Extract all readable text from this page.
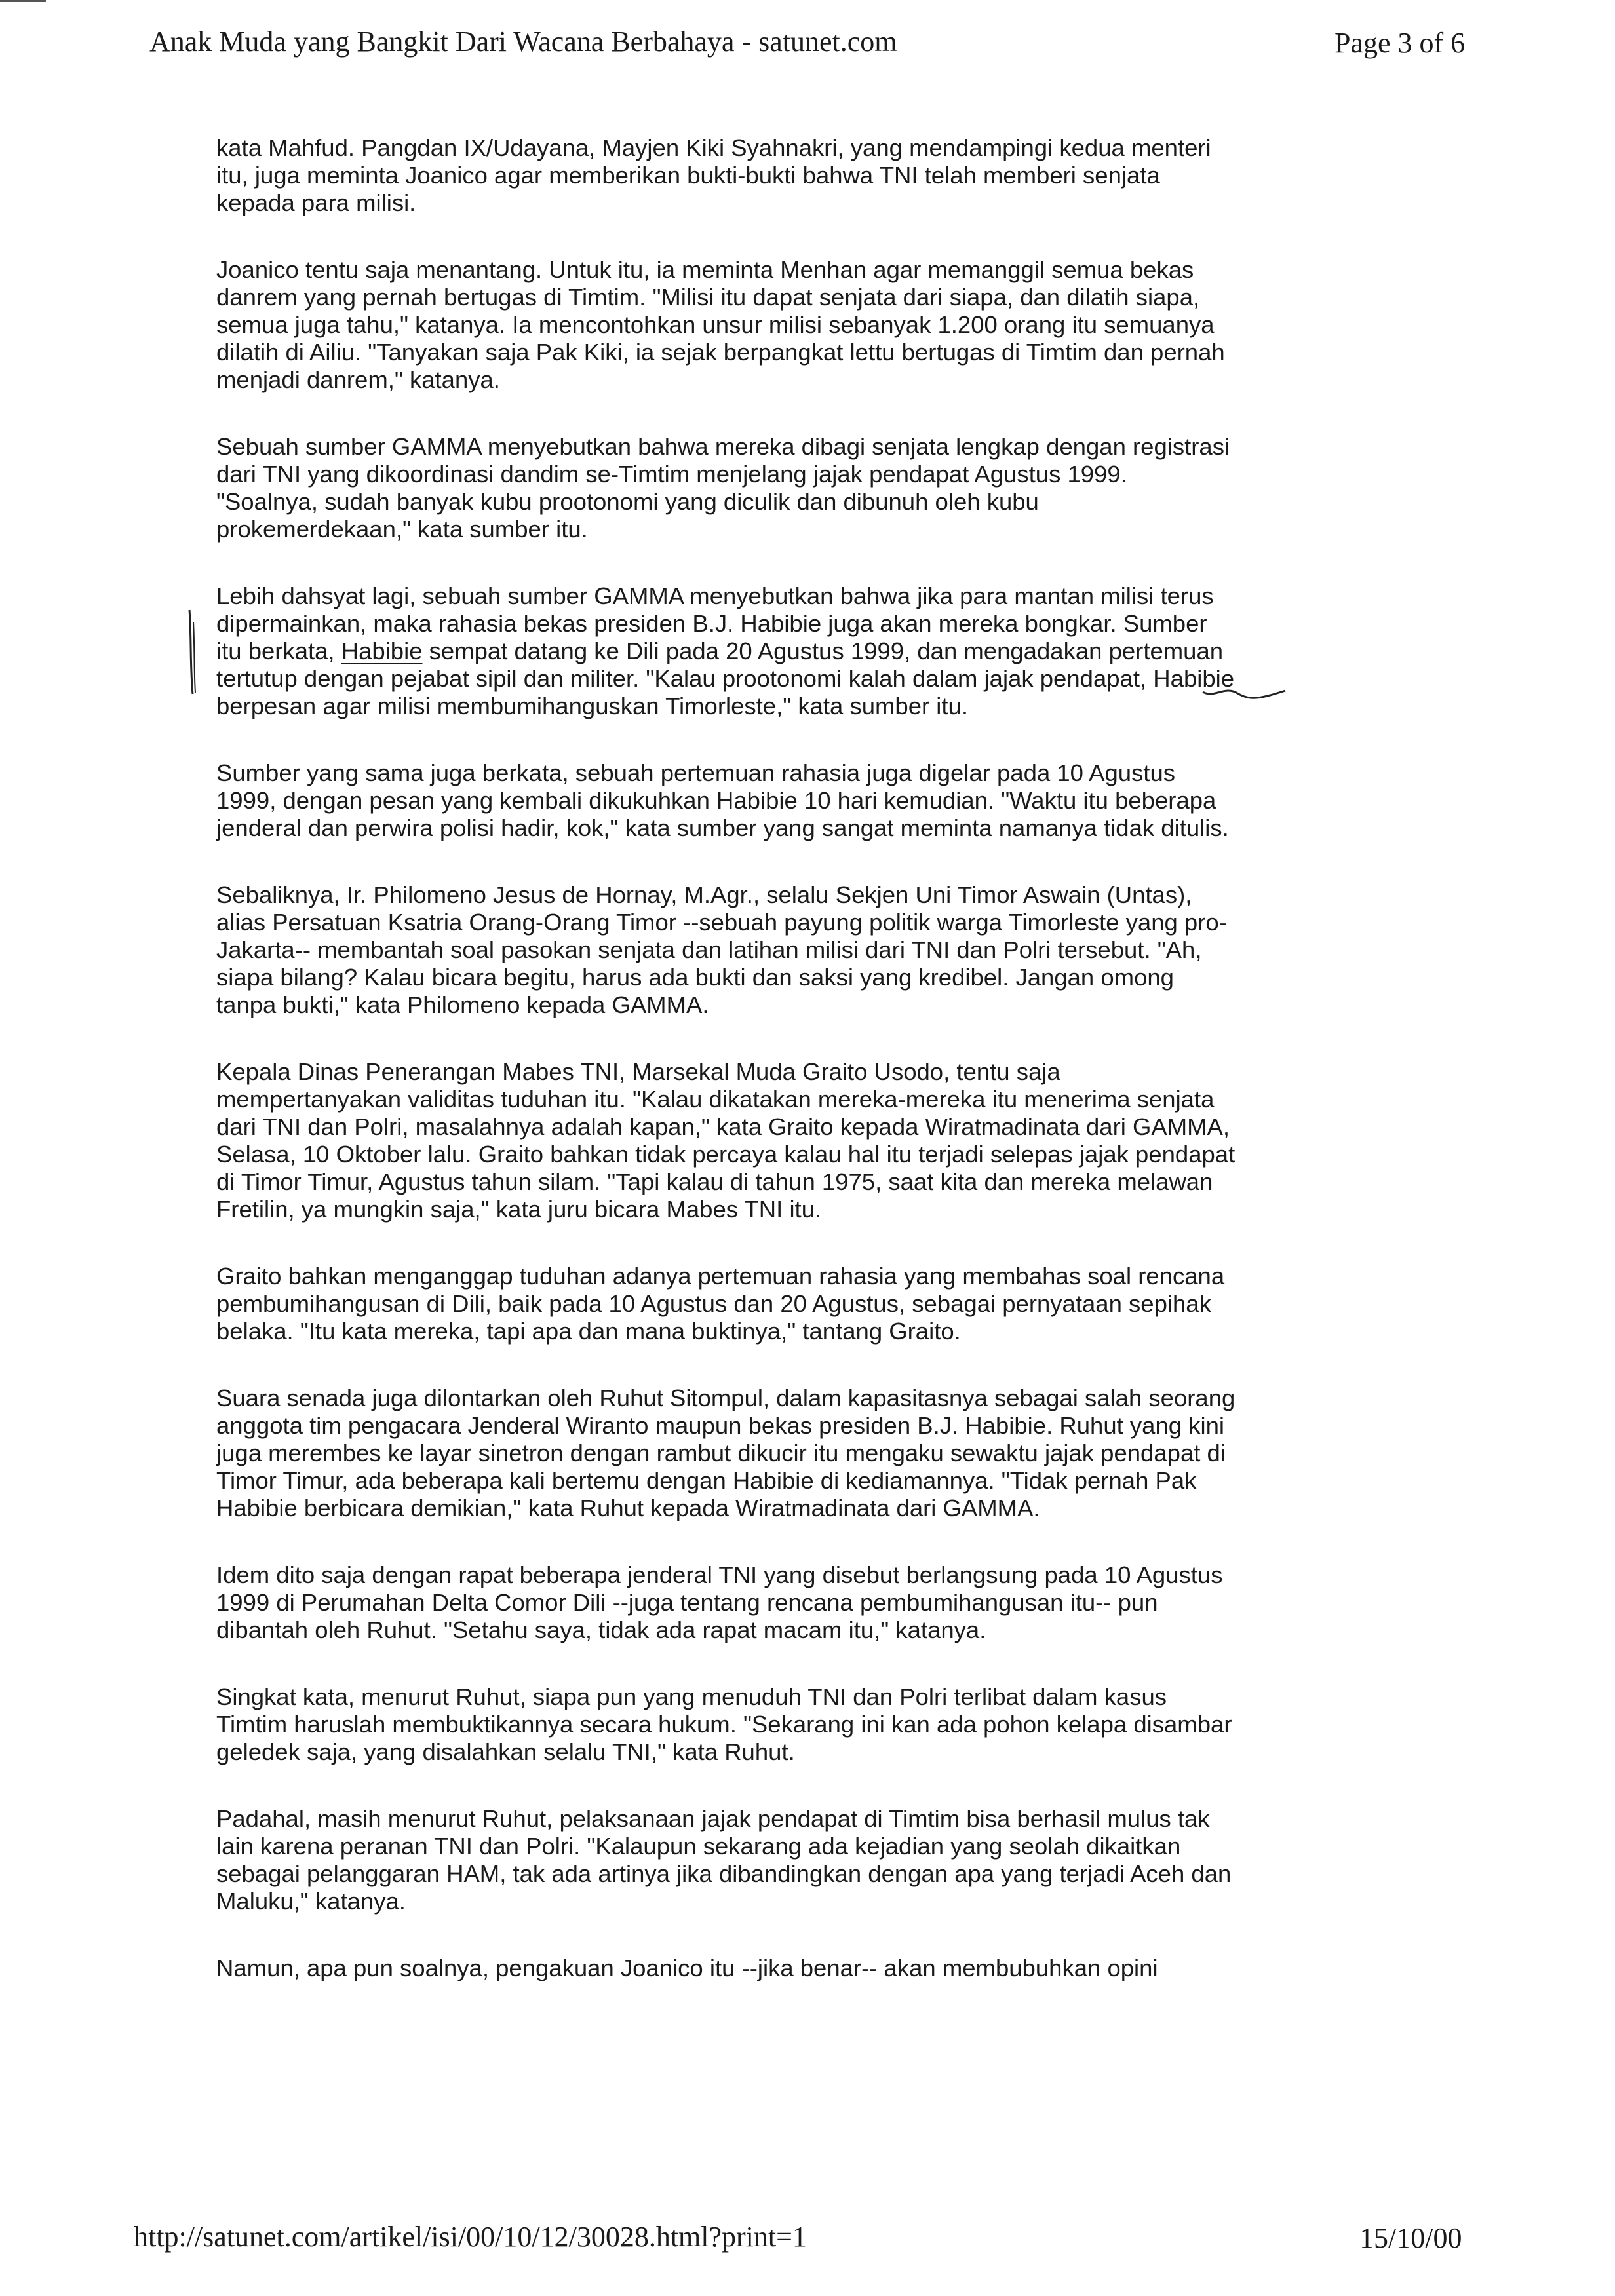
Anak Muda yang Bangkit Dari Wacana Berbahaya - satunet.com	Page 3 of 6

kata Mahfud. Pangdan IX/Udayana, Mayjen Kiki Syahnakri, yang mendampingi kedua menteri
itu, juga meminta Joanico agar memberikan bukti-bukti bahwa TNI telah memberi senjata
kepada para milisi.

Joanico tentu saja menantang. Untuk itu, ia meminta Menhan agar memanggil semua bekas
danrem yang pernah bertugas di Timtim. "Milisi itu dapat senjata dari siapa, dan dilatih siapa,
semua juga tahu," katanya. Ia mencontohkan unsur milisi sebanyak 1.200 orang itu semuanya
dilatih di Ailiu. "Tanyakan saja Pak Kiki, ia sejak berpangkat lettu bertugas di Timtim dan pernah
menjadi danrem," katanya.

Sebuah sumber GAMMA menyebutkan bahwa mereka dibagi senjata lengkap dengan registrasi
dari TNI yang dikoordinasi dandim se-Timtim menjelang jajak pendapat Agustus 1999.
"Soalnya, sudah banyak kubu prootonomi yang diculik dan dibunuh oleh kubu
prokemerdekaan," kata sumber itu.

Lebih dahsyat lagi, sebuah sumber GAMMA menyebutkan bahwa jika para mantan milisi terus
dipermainkan, maka rahasia bekas presiden B.J. Habibie juga akan mereka bongkar. Sumber
itu berkata, Habibie sempat datang ke Dili pada 20 Agustus 1999, dan mengadakan pertemuan
tertutup dengan pejabat sipil dan militer. "Kalau prootonomi kalah dalam jajak pendapat, Habibie
berpesan agar milisi membumihanguskan Timorleste," kata sumber itu.

Sumber yang sama juga berkata, sebuah pertemuan rahasia juga digelar pada 10 Agustus
1999, dengan pesan yang kembali dikukuhkan Habibie 10 hari kemudian. "Waktu itu beberapa
jenderal dan perwira polisi hadir, kok," kata sumber yang sangat meminta namanya tidak ditulis.

Sebaliknya, Ir. Philomeno Jesus de Hornay, M.Agr., selalu Sekjen Uni Timor Aswain (Untas),
alias Persatuan Ksatria Orang-Orang Timor --sebuah payung politik warga Timorleste yang pro-
Jakarta-- membantah soal pasokan senjata dan latihan milisi dari TNI dan Polri tersebut. "Ah,
siapa bilang? Kalau bicara begitu, harus ada bukti dan saksi yang kredibel. Jangan omong
tanpa bukti," kata Philomeno kepada GAMMA.

Kepala Dinas Penerangan Mabes TNI, Marsekal Muda Graito Usodo, tentu saja
mempertanyakan validitas tuduhan itu. "Kalau dikatakan mereka-mereka itu menerima senjata
dari TNI dan Polri, masalahnya adalah kapan," kata Graito kepada Wiratmadinata dari GAMMA,
Selasa, 10 Oktober lalu. Graito bahkan tidak percaya kalau hal itu terjadi selepas jajak pendapat
di Timor Timur, Agustus tahun silam. "Tapi kalau di tahun 1975, saat kita dan mereka melawan
Fretilin, ya mungkin saja," kata juru bicara Mabes TNI itu.

Graito bahkan menganggap tuduhan adanya pertemuan rahasia yang membahas soal rencana
pembumihangusan di Dili, baik pada 10 Agustus dan 20 Agustus, sebagai pernyataan sepihak
belaka. "Itu kata mereka, tapi apa dan mana buktinya," tantang Graito.

Suara senada juga dilontarkan oleh Ruhut Sitompul, dalam kapasitasnya sebagai salah seorang
anggota tim pengacara Jenderal Wiranto maupun bekas presiden B.J. Habibie. Ruhut yang kini
juga merembes ke layar sinetron dengan rambut dikucir itu mengaku sewaktu jajak pendapat di
Timor Timur, ada beberapa kali bertemu dengan Habibie di kediamannya. "Tidak pernah Pak
Habibie berbicara demikian," kata Ruhut kepada Wiratmadinata dari GAMMA.

Idem dito saja dengan rapat beberapa jenderal TNI yang disebut berlangsung pada 10 Agustus
1999 di Perumahan Delta Comor Dili --juga tentang rencana pembumihangusan itu-- pun
dibantah oleh Ruhut. "Setahu saya, tidak ada rapat macam itu," katanya.

Singkat kata, menurut Ruhut, siapa pun yang menuduh TNI dan Polri terlibat dalam kasus
Timtim haruslah membuktikannya secara hukum. "Sekarang ini kan ada pohon kelapa disambar
geledek saja, yang disalahkan selalu TNI," kata Ruhut.

Padahal, masih menurut Ruhut, pelaksanaan jajak pendapat di Timtim bisa berhasil mulus tak
lain karena peranan TNI dan Polri. "Kalaupun sekarang ada kejadian yang seolah dikaitkan
sebagai pelanggaran HAM, tak ada artinya jika dibandingkan dengan apa yang terjadi Aceh dan
Maluku," katanya.

Namun, apa pun soalnya, pengakuan Joanico itu --jika benar-- akan membubuhkan opini

http://satunet.com/artikel/isi/00/10/12/30028.html?print=1	15/10/00
